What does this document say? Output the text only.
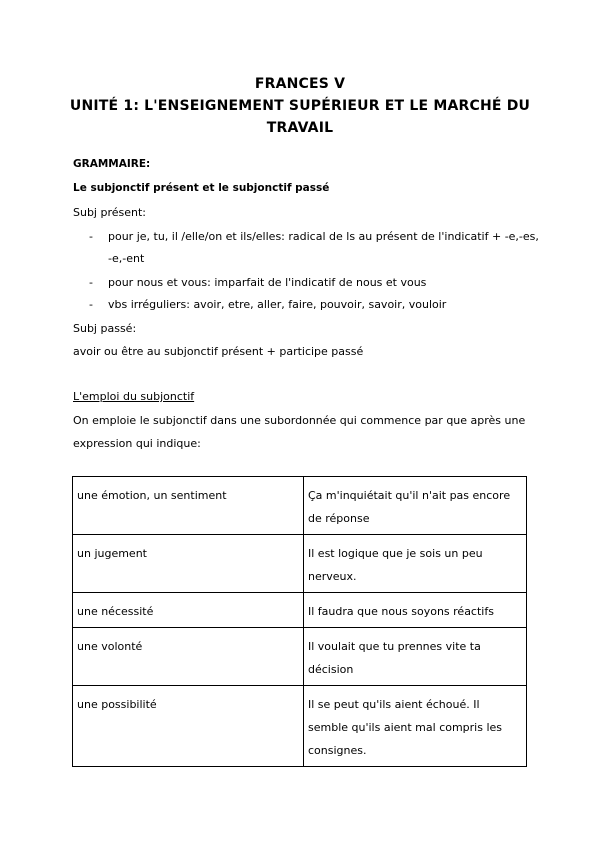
FRANCES V
UNITÉ 1: L'ENSEIGNEMENT SUPÉRIEUR ET LE MARCHÉ DU
TRAVAIL
GRAMMAIRE:
Le subjonctif présent et le subjonctif passé
Subj présent:
- pour je, tu, il /elle/on et ils/elles: radical de ls au présent de l'indicatif + -e,-es,
-e,-ent
- pour nous et vous: imparfait de l'indicatif de nous et vous
- vbs irréguliers: avoir, etre, aller, faire, pouvoir, savoir, vouloir
Subj passé:
avoir ou être au subjonctif présent + participe passé
L'emploi du subjonctif
On emploie le subjonctif dans une subordonnée qui commence par que après une
expression qui indique:
une émotion, un sentiment	Ça m'inquiétait qu'il n'ait pas encore de réponse
un jugement	Il est logique que je sois un peu nerveux.
une nécessité	Il faudra que nous soyons réactifs
une volonté	Il voulait que tu prennes vite ta décision
une possibilité	Il se peut qu'ils aient échoué. Il semble qu'ils aient mal compris les consignes.
